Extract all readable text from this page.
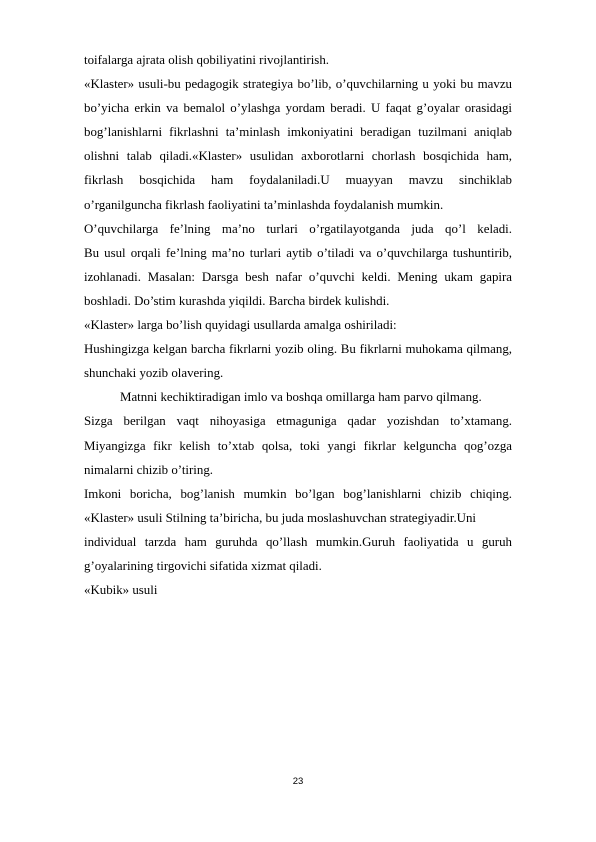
toifalarga ajrata olish qobiliyatini rivojlantirish.
«Klaster» usuli-bu pedagogik strategiya bo’lib, o’quvchilarning u yoki bu mavzu
bo’yicha erkin va bemalol o’ylashga yordam beradi. U faqat g’oyalar orasidagi
bog’lanishlarni fikrlashni ta’minlash imkoniyatini beradigan tuzilmani aniqlab
olishni talab qiladi.«Klaster» usulidan axborotlarni chorlash bosqichida ham,
fikrlash bosqichida ham foydalaniladi.U muayyan mavzu sinchiklab
o’rganilguncha fikrlash faoliyatini ta’minlashda foydalanish mumkin.
O’quvchilarga fe’lning ma’no turlari o’rgatilayotganda juda qo’l keladi.
Bu usul orqali fe’lning ma’no turlari aytib o’tiladi va o’quvchilarga tushuntirib,
izohlanadi. Masalan: Darsga besh nafar o’quvchi keldi. Mening ukam gapira
boshladi. Do’stim kurashda yiqildi. Barcha birdek kulishdi.
«Klaster» larga bo’lish quyidagi usullarda amalga oshiriladi:
Hushingizga kelgan barcha fikrlarni yozib oling. Bu fikrlarni muhokama qilmang,
shunchaki yozib olavering.
Matnni kechiktiradigan imlo va boshqa omillarga ham parvo qilmang.
Sizga berilgan vaqt nihoyasiga etmaguniga qadar yozishdan to’xtamang.
Miyangizga fikr kelish to’xtab qolsa, toki yangi fikrlar kelguncha qog’ozga
nimalarni chizib o’tiring.
Imkoni boricha, bog’lanish mumkin bo’lgan bog’lanishlarni chizib chiqing.
«Klaster» usuli Stilning ta’biricha, bu juda moslashuvchan strategiyadir.Uni
individual tarzda ham guruhda qo’llash mumkin.Guruh faoliyatida u guruh
g’oyalarining tirgovichi sifatida xizmat qiladi.
«Kubik» usuli
23
